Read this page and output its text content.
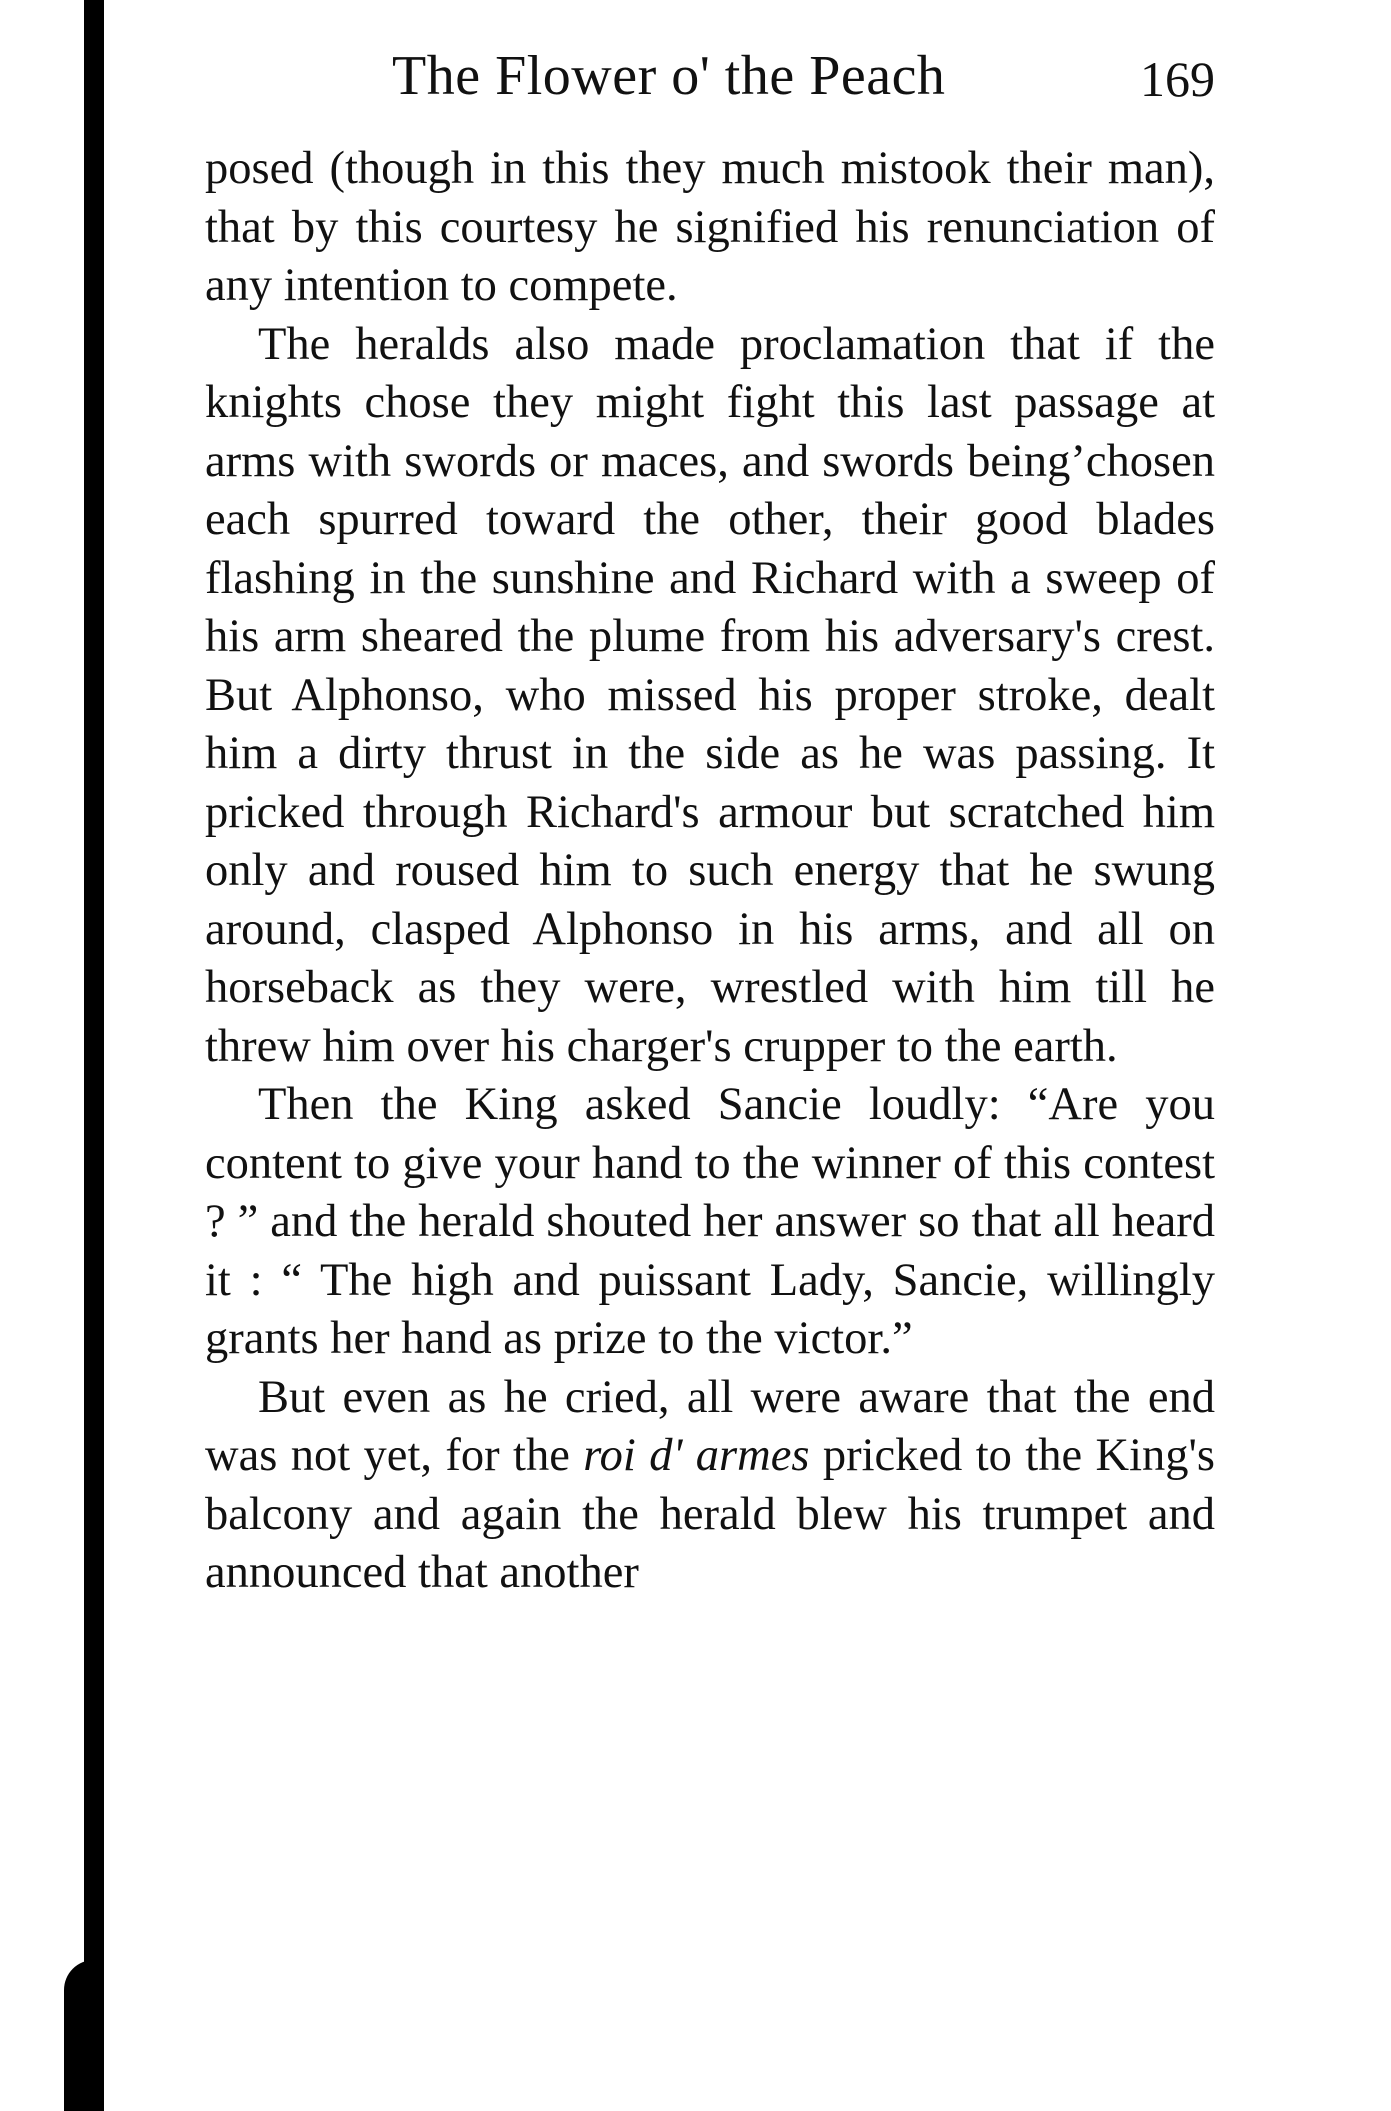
The Flower o' the Peach	169

posed (though in this they much mistook their man), that by this courtesy he signified his renunciation of any intention to compete.

The heralds also made proclamation that if the knights chose they might fight this last passage at arms with swords or maces, and swords being’chosen each spurred toward the other, their good blades flashing in the sunshine and Richard with a sweep of his arm sheared the plume from his adversary's crest. But Alphonso, who missed his proper stroke, dealt him a dirty thrust in the side as he was passing. It pricked through Richard's armour but scratched him only and roused him to such energy that he swung around, clasped Alphonso in his arms, and all on horseback as they were, wrestled with him till he threw him over his charger's crupper to the earth.

Then the King asked Sancie loudly: “Are you content to give your hand to the winner of this contest ? ” and the herald shouted her answer so that all heard it : “ The high and puissant Lady, Sancie, willingly grants her hand as prize to the victor.”

But even as he cried, all were aware that the end was not yet, for the roi d' armes pricked to the King's balcony and again the herald blew his trumpet and announced that another
